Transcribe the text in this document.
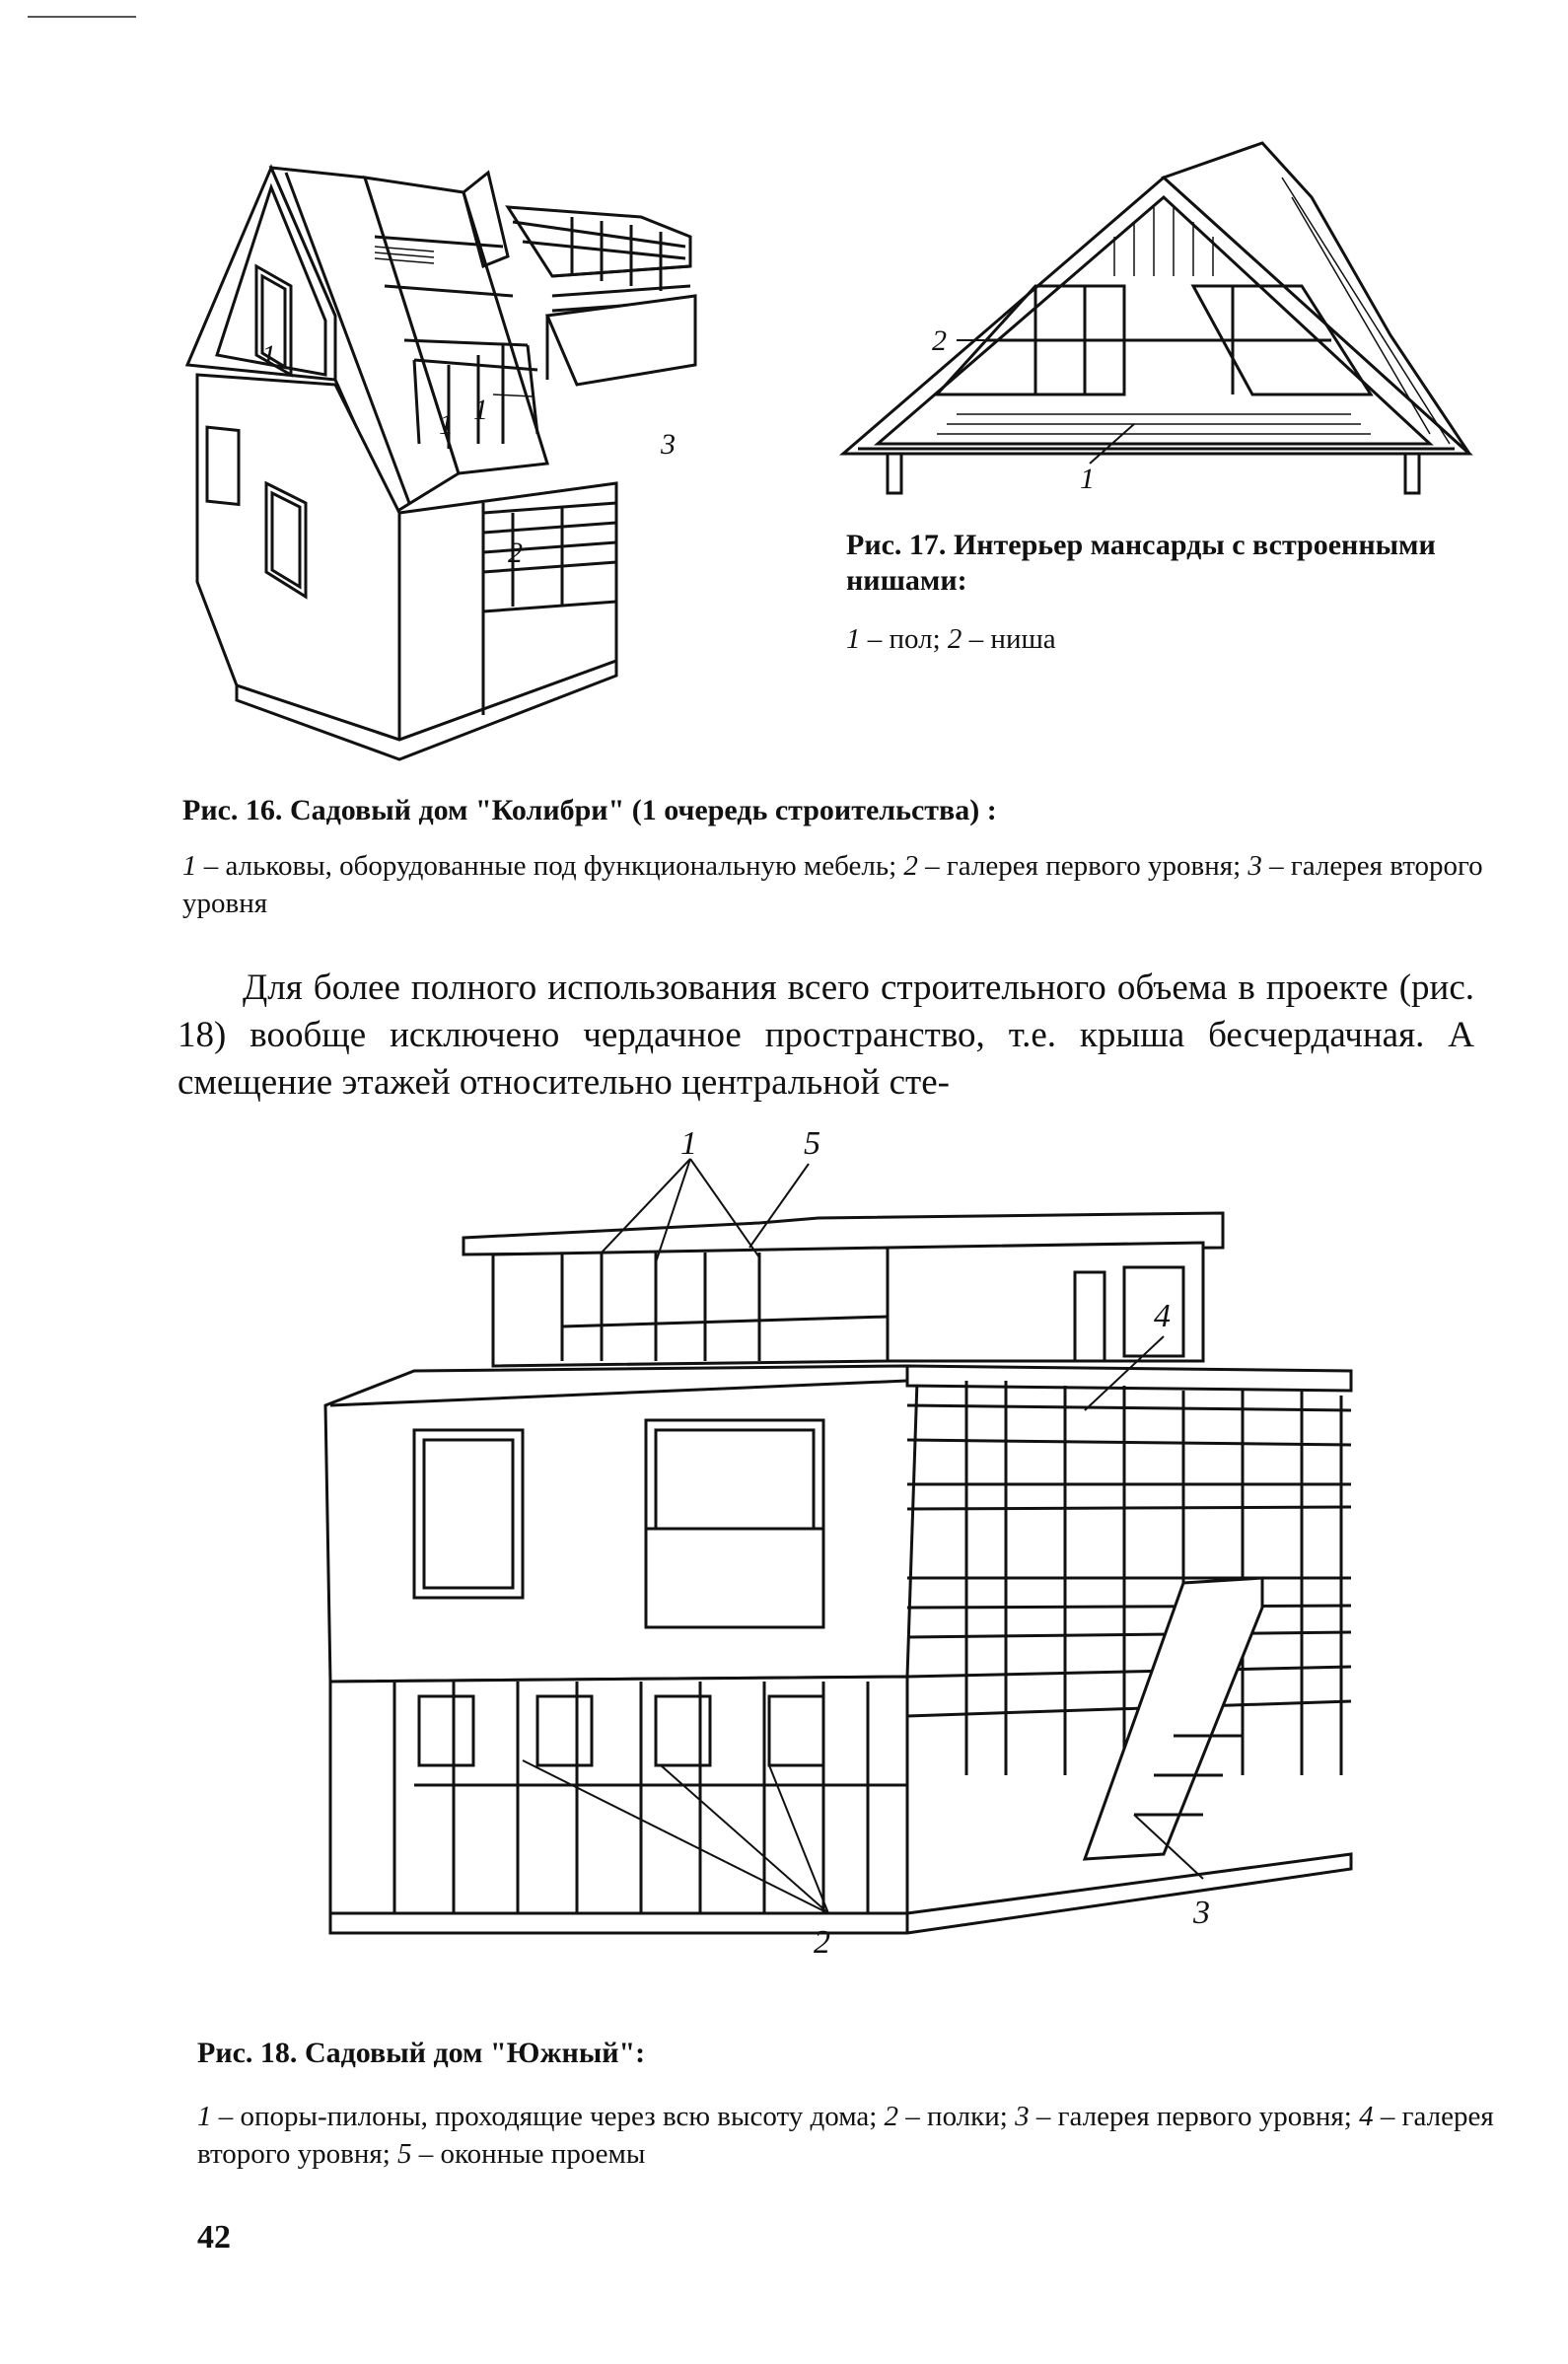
1
1 1
2
3
2
1
Рис. 17. Интерьер мансарды с встроенными нишами:
1 – пол; 2 – ниша
Рис. 16. Садовый дом "Колибри" (1 очередь строительства) :
1 – альковы, оборудованные под функциональную мебель; 2 – галерея первого уровня; 3 – галерея второго уровня
Для более полного использования всего строительного объема в проекте (рис. 18) вообще исключено чердачное пространство, т.е. крыша бесчердачная. А смещение этажей относительно центральной сте-
1	5
4
2
3
Рис. 18. Садовый дом "Южный":
1 – опоры-пилоны, проходящие через всю высоту дома; 2 – полки; 3 – галерея первого уровня; 4 – галерея второго уровня; 5 – оконные проемы
42
